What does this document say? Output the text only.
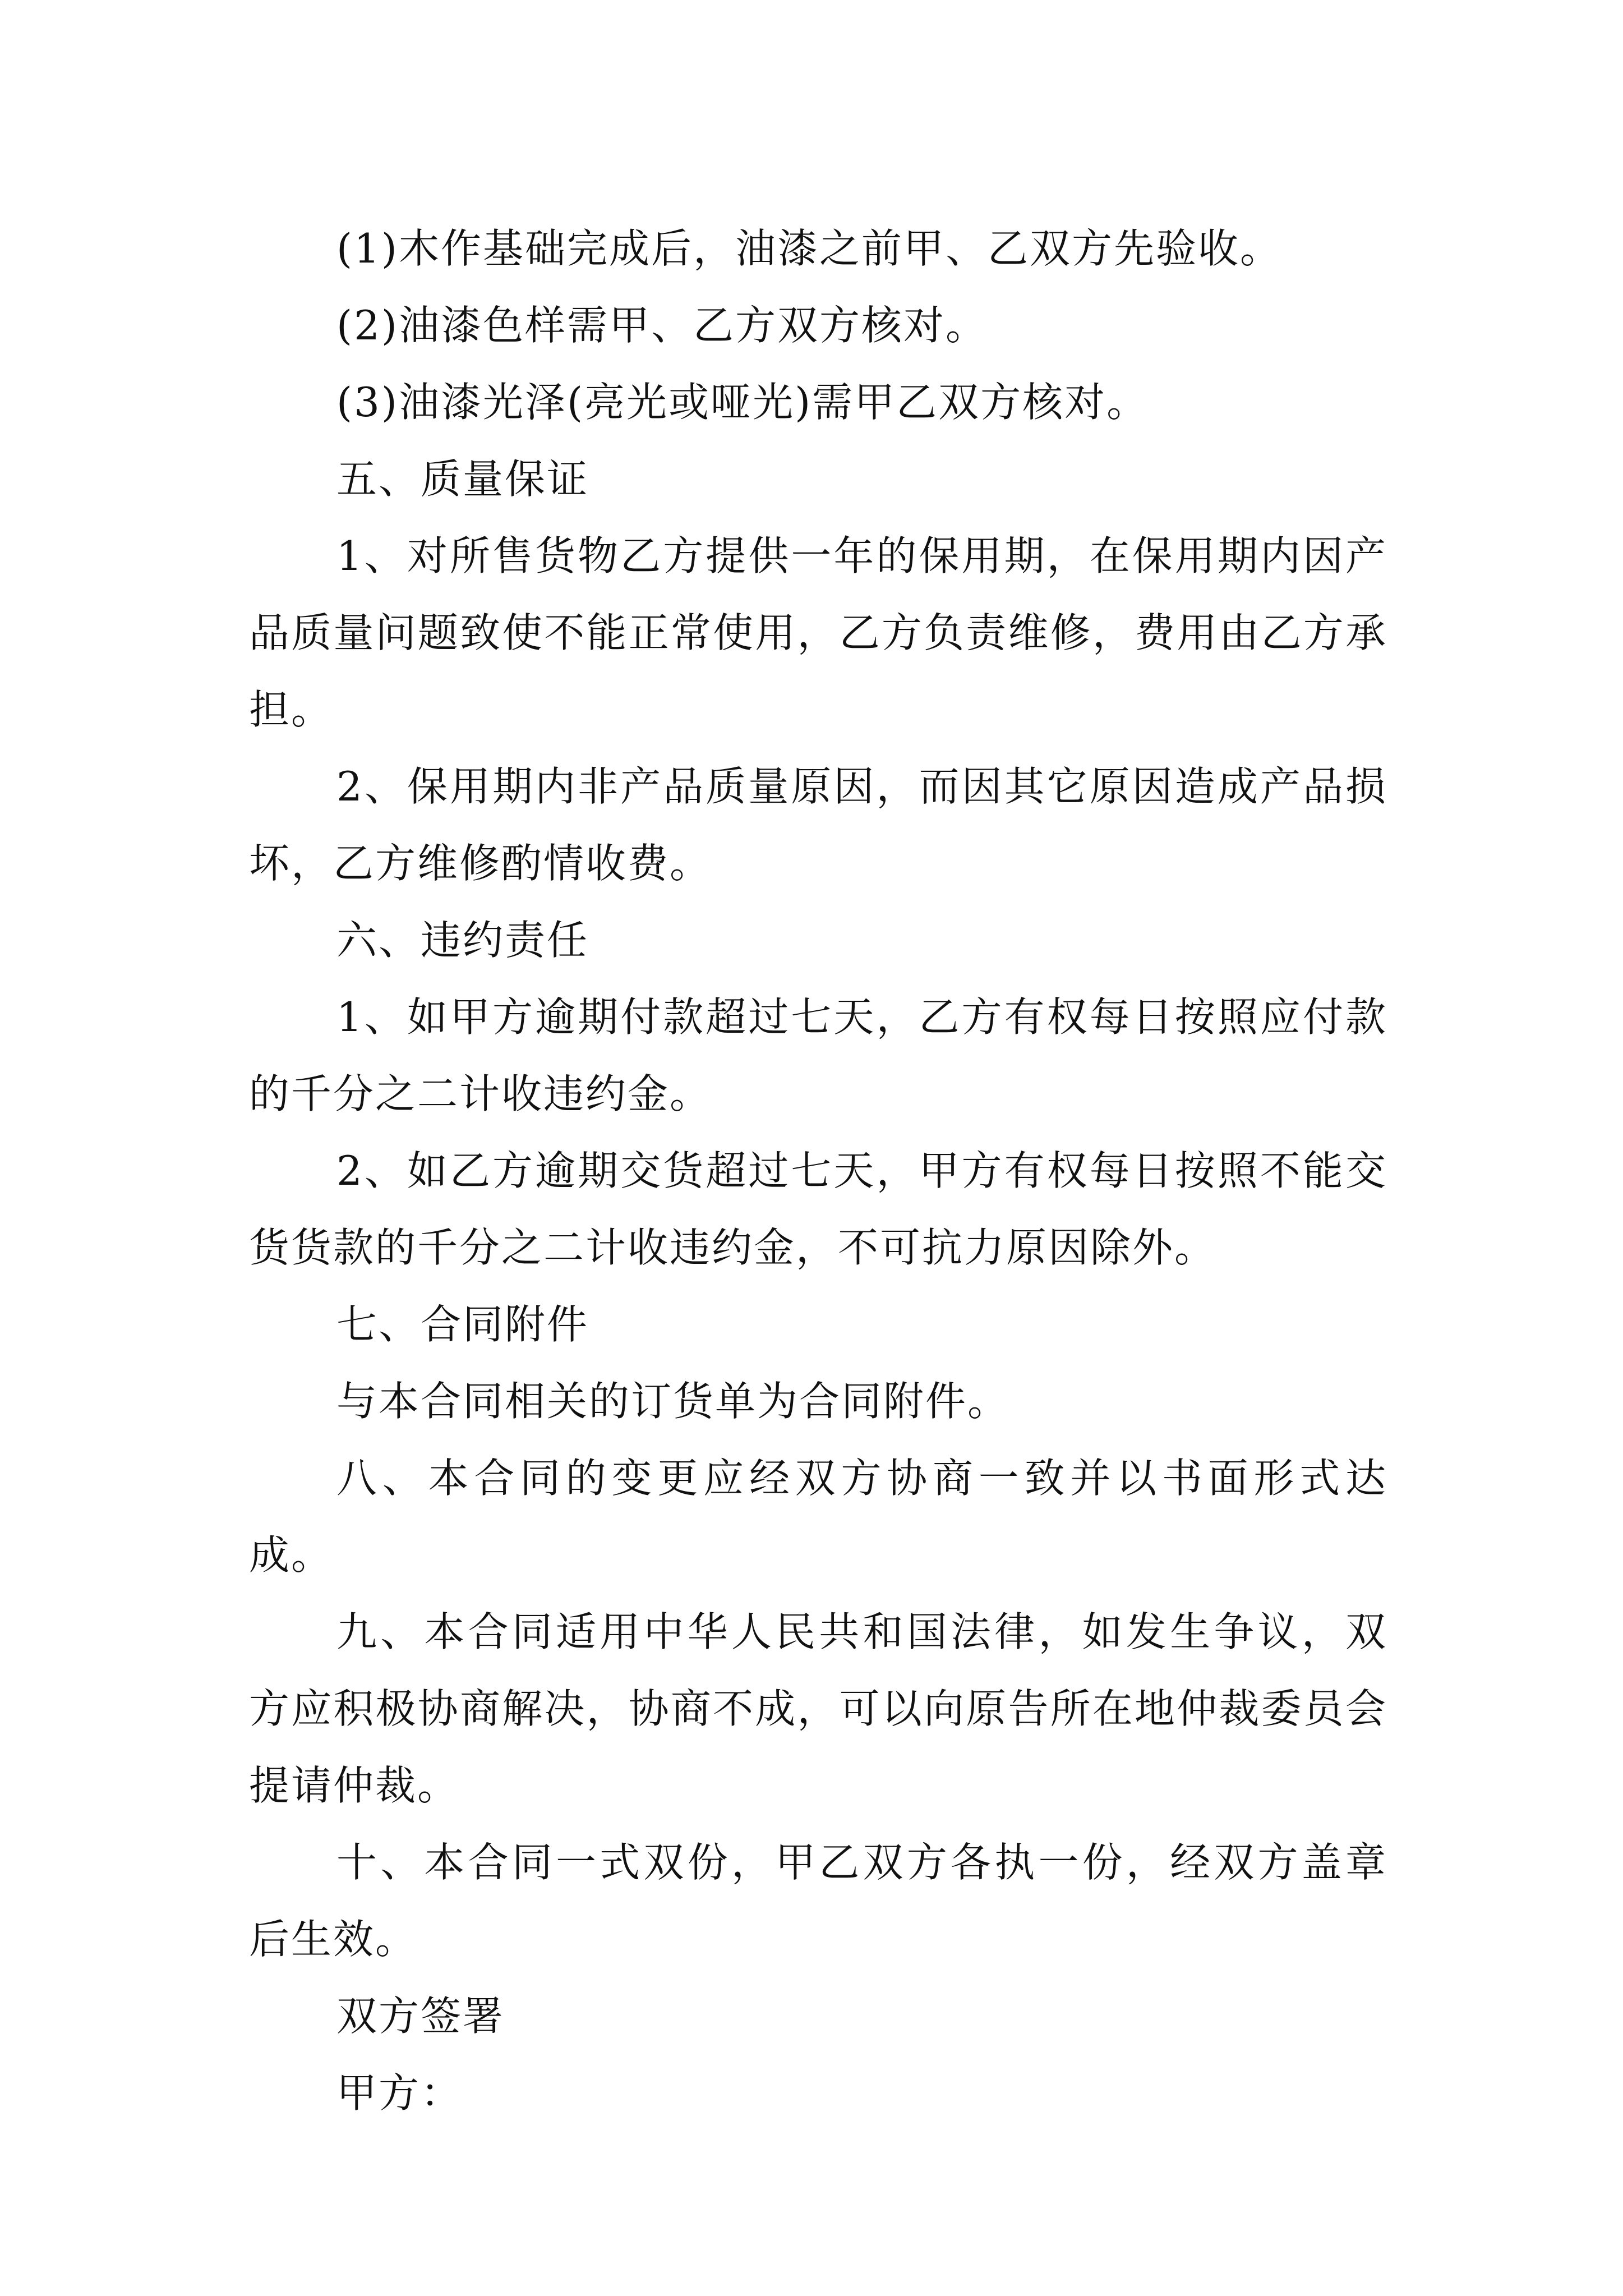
(1)木作基础完成后，油漆之前甲、乙双方先验收。

(2)油漆色样需甲、乙方双方核对。

(3)油漆光泽(亮光或哑光)需甲乙双方核对。

五、质量保证

1、对所售货物乙方提供一年的保用期，在保用期内因产品质量问题致使不能正常使用，乙方负责维修，费用由乙方承担。

2、保用期内非产品质量原因，而因其它原因造成产品损坏，乙方维修酌情收费。

六、违约责任

1、如甲方逾期付款超过七天，乙方有权每日按照应付款的千分之二计收违约金。

2、如乙方逾期交货超过七天，甲方有权每日按照不能交货货款的千分之二计收违约金，不可抗力原因除外。

七、合同附件

与本合同相关的订货单为合同附件。

八、本合同的变更应经双方协商一致并以书面形式达成。

九、本合同适用中华人民共和国法律，如发生争议，双方应积极协商解决，协商不成，可以向原告所在地仲裁委员会提请仲裁。

十、本合同一式双份，甲乙双方各执一份，经双方盖章后生效。

双方签署

甲方：
